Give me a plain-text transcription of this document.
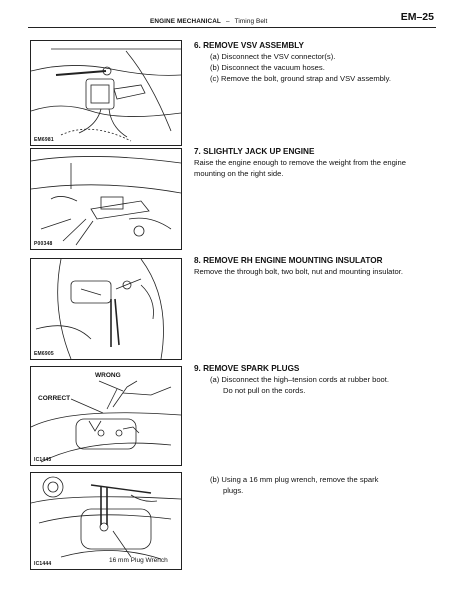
ENGINE MECHANICAL – Timing Belt	EM–25
EM6981
P00348
EM6905
WRONG
CORRECT
IC1443
16 mm Plug Wrench
IC1444
6. REMOVE VSV ASSEMBLY
(a) Disconnect the VSV connector(s).
(b) Disconnect the vacuum hoses.
(c) Remove the bolt, ground strap and VSV assembly.
7. SLIGHTLY JACK UP ENGINE
Raise the engine enough to remove the weight from the engine mounting on the right side.
8. REMOVE RH ENGINE MOUNTING INSULATOR
Remove the through bolt, two bolt, nut and mounting insulator.
9. REMOVE SPARK PLUGS
(a) Disconnect the high–tension cords at rubber boot.
Do not pull on the cords.
(b) Using a 16 mm plug wrench, remove the spark
plugs.
